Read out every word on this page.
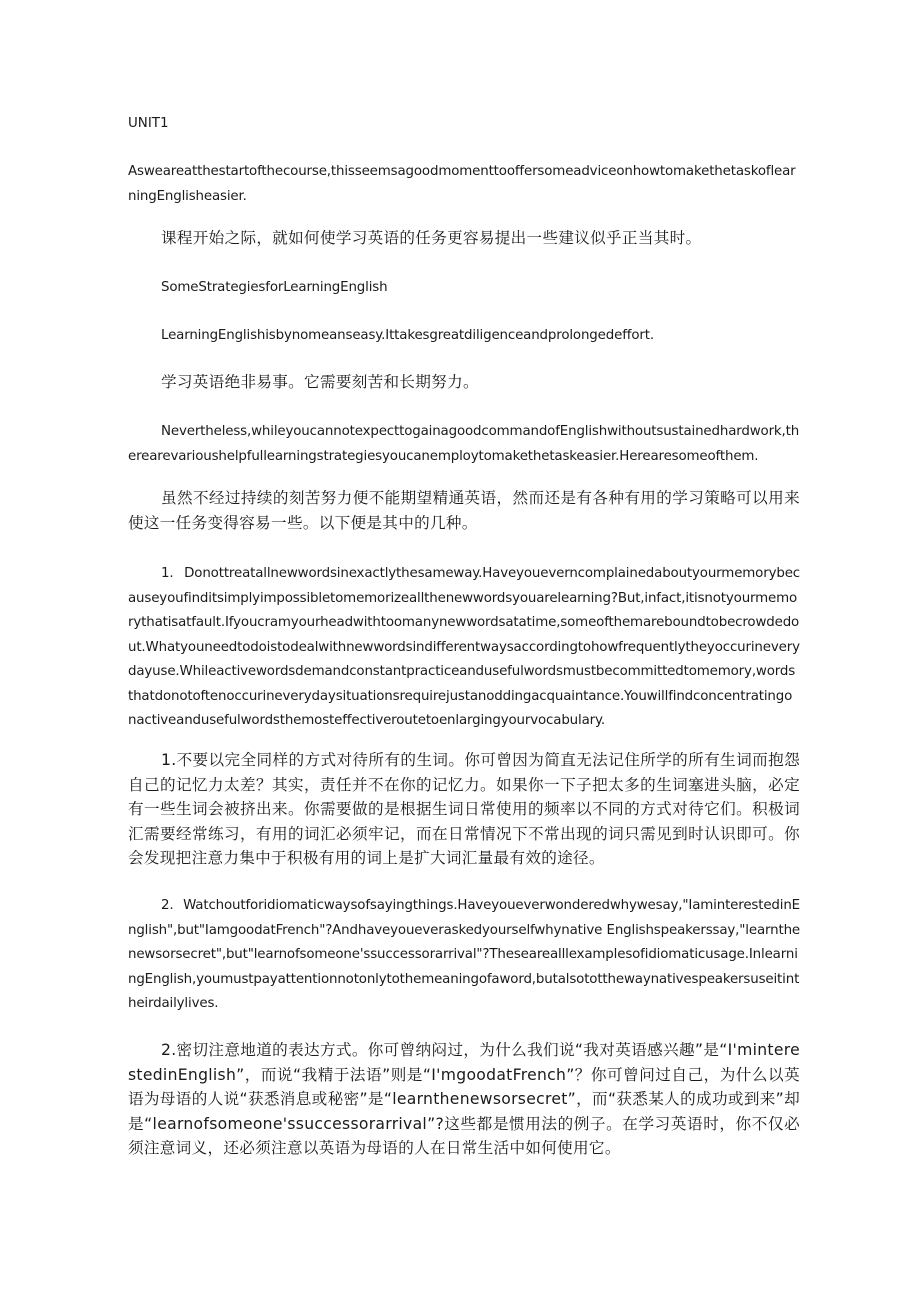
UNIT1

Asweareatthestartofthecourse,thisseemsagoodmomenttooffersomeadviceonhowtomakethetaskoflearningEnglisheasier.

课程开始之际，就如何使学习英语的任务更容易提出一些建议似乎正当其时。

SomeStrategiesforLearningEnglish

LearningEnglishisbynomeanseasy.Ittakesgreatdiligenceandprolongedeffort.

学习英语绝非易事。它需要刻苦和长期努力。

Nevertheless,whileyoucannotexpecttogainagoodcommandofEnglishwithoutsustainedhardwork,therearevarioushelpfullearningstrategiesyoucanemploytomakethetaskeasier.Herearesomeofthem.

虽然不经过持续的刻苦努力便不能期望精通英语，然而还是有各种有用的学习策略可以用来使这一任务变得容易一些。以下便是其中的几种。

1. Donottreatallnewwordsinexactlythesameway.Haveyoueverncomplainedaboutyourmemorybecauseyoufinditsimplyimpossibletomemorizeallthenewwordsyouarelearning?But,infact,itisnotyourmemorythatisatfault.Ifyoucramyourheadwithtoomanynewwordsatatime,someofthemareboundtobecrowdedout.Whatyouneedtodoistodealwithnewwordsindifferentwaysaccordingtohowfrequentlytheyoccurineverydayuse.Whileactivewordsdemandconstantpracticeandusefulwordsmustbecommittedtomemory,wordsthatdonotoftenoccurineverydaysituationsrequirejustanoddingacquaintance.Youwillfindconcentratingonactiveandusefulwordsthemosteffectiveroutetoenlargingyourvocabulary.

1.不要以完全同样的方式对待所有的生词。你可曾因为简直无法记住所学的所有生词而抱怨自己的记忆力太差？其实，责任并不在你的记忆力。如果你一下子把太多的生词塞进头脑，必定有一些生词会被挤出来。你需要做的是根据生词日常使用的频率以不同的方式对待它们。积极词汇需要经常练习，有用的词汇必须牢记，而在日常情况下不常出现的词只需见到时认识即可。你会发现把注意力集中于积极有用的词上是扩大词汇量最有效的途径。

2. Watchoutforidiomaticwaysofsayingthings.Haveyoueverwonderedwhywesay,"IaminterestedinEnglish",but"IamgoodatFrench"?Andhaveyoueveraskedyourselfwhynative Englishspeakerssay,"learnthenewsorsecret",but"learnofsomeone'ssuccessorarrival"?Thesearealllexamplesofidiomaticusage.InlearningEnglish,youmustpayattentionnotonlytothemeaningofaword,butalsototthewaynativespeakersuseitintheirdailylives.

2.密切注意地道的表达方式。你可曾纳闷过，为什么我们说“我对英语感兴趣”是“I'minterestedinEnglish”，而说“我精于法语”则是“I'mgoodatFrench”？你可曾问过自己，为什么以英语为母语的人说“获悉消息或秘密”是“learnthenewsorsecret”，而“获悉某人的成功或到来”却是“learnofsomeone'ssuccessorarrival”?这些都是惯用法的例子。在学习英语时，你不仅必须注意词义，还必须注意以英语为母语的人在日常生活中如何使用它。
